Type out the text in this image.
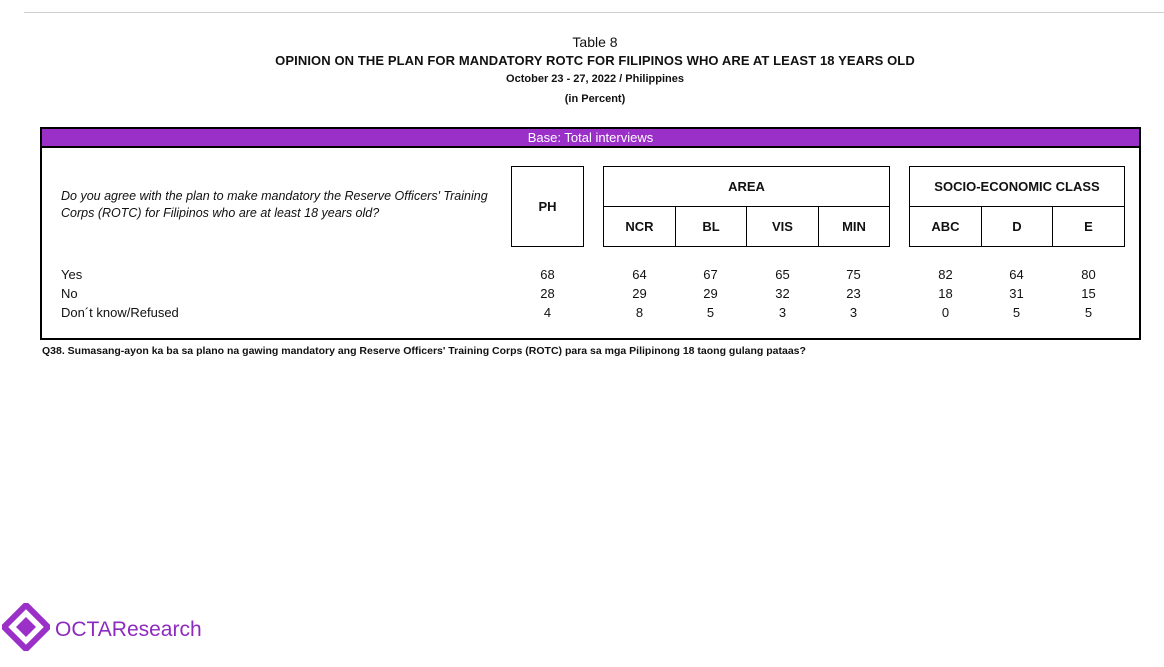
Table 8
OPINION ON THE PLAN FOR MANDATORY ROTC FOR FILIPINOS WHO ARE AT LEAST 18 YEARS OLD
October 23 - 27, 2022 / Philippines
(in Percent)
Base: Total interviews
Do you agree with the plan to make mandatory the Reserve Officers' Training Corps (ROTC) for Filipinos who are at least 18 years old?	PH
AREA
NCR	BL	VIS	MIN
SOCIO-ECONOMIC CLASS
ABC	D	E
Yes	68	64	67	65	75	82	64	80
No	28	29	29	32	23	18	31	15
Don´t know/Refused	4	8	5	3	3	0	5	5
Q38. Sumasang-ayon ka ba sa plano na gawing mandatory ang Reserve Officers' Training Corps (ROTC) para sa mga Pilipinong 18 taong gulang pataas?
OCTAResearch
